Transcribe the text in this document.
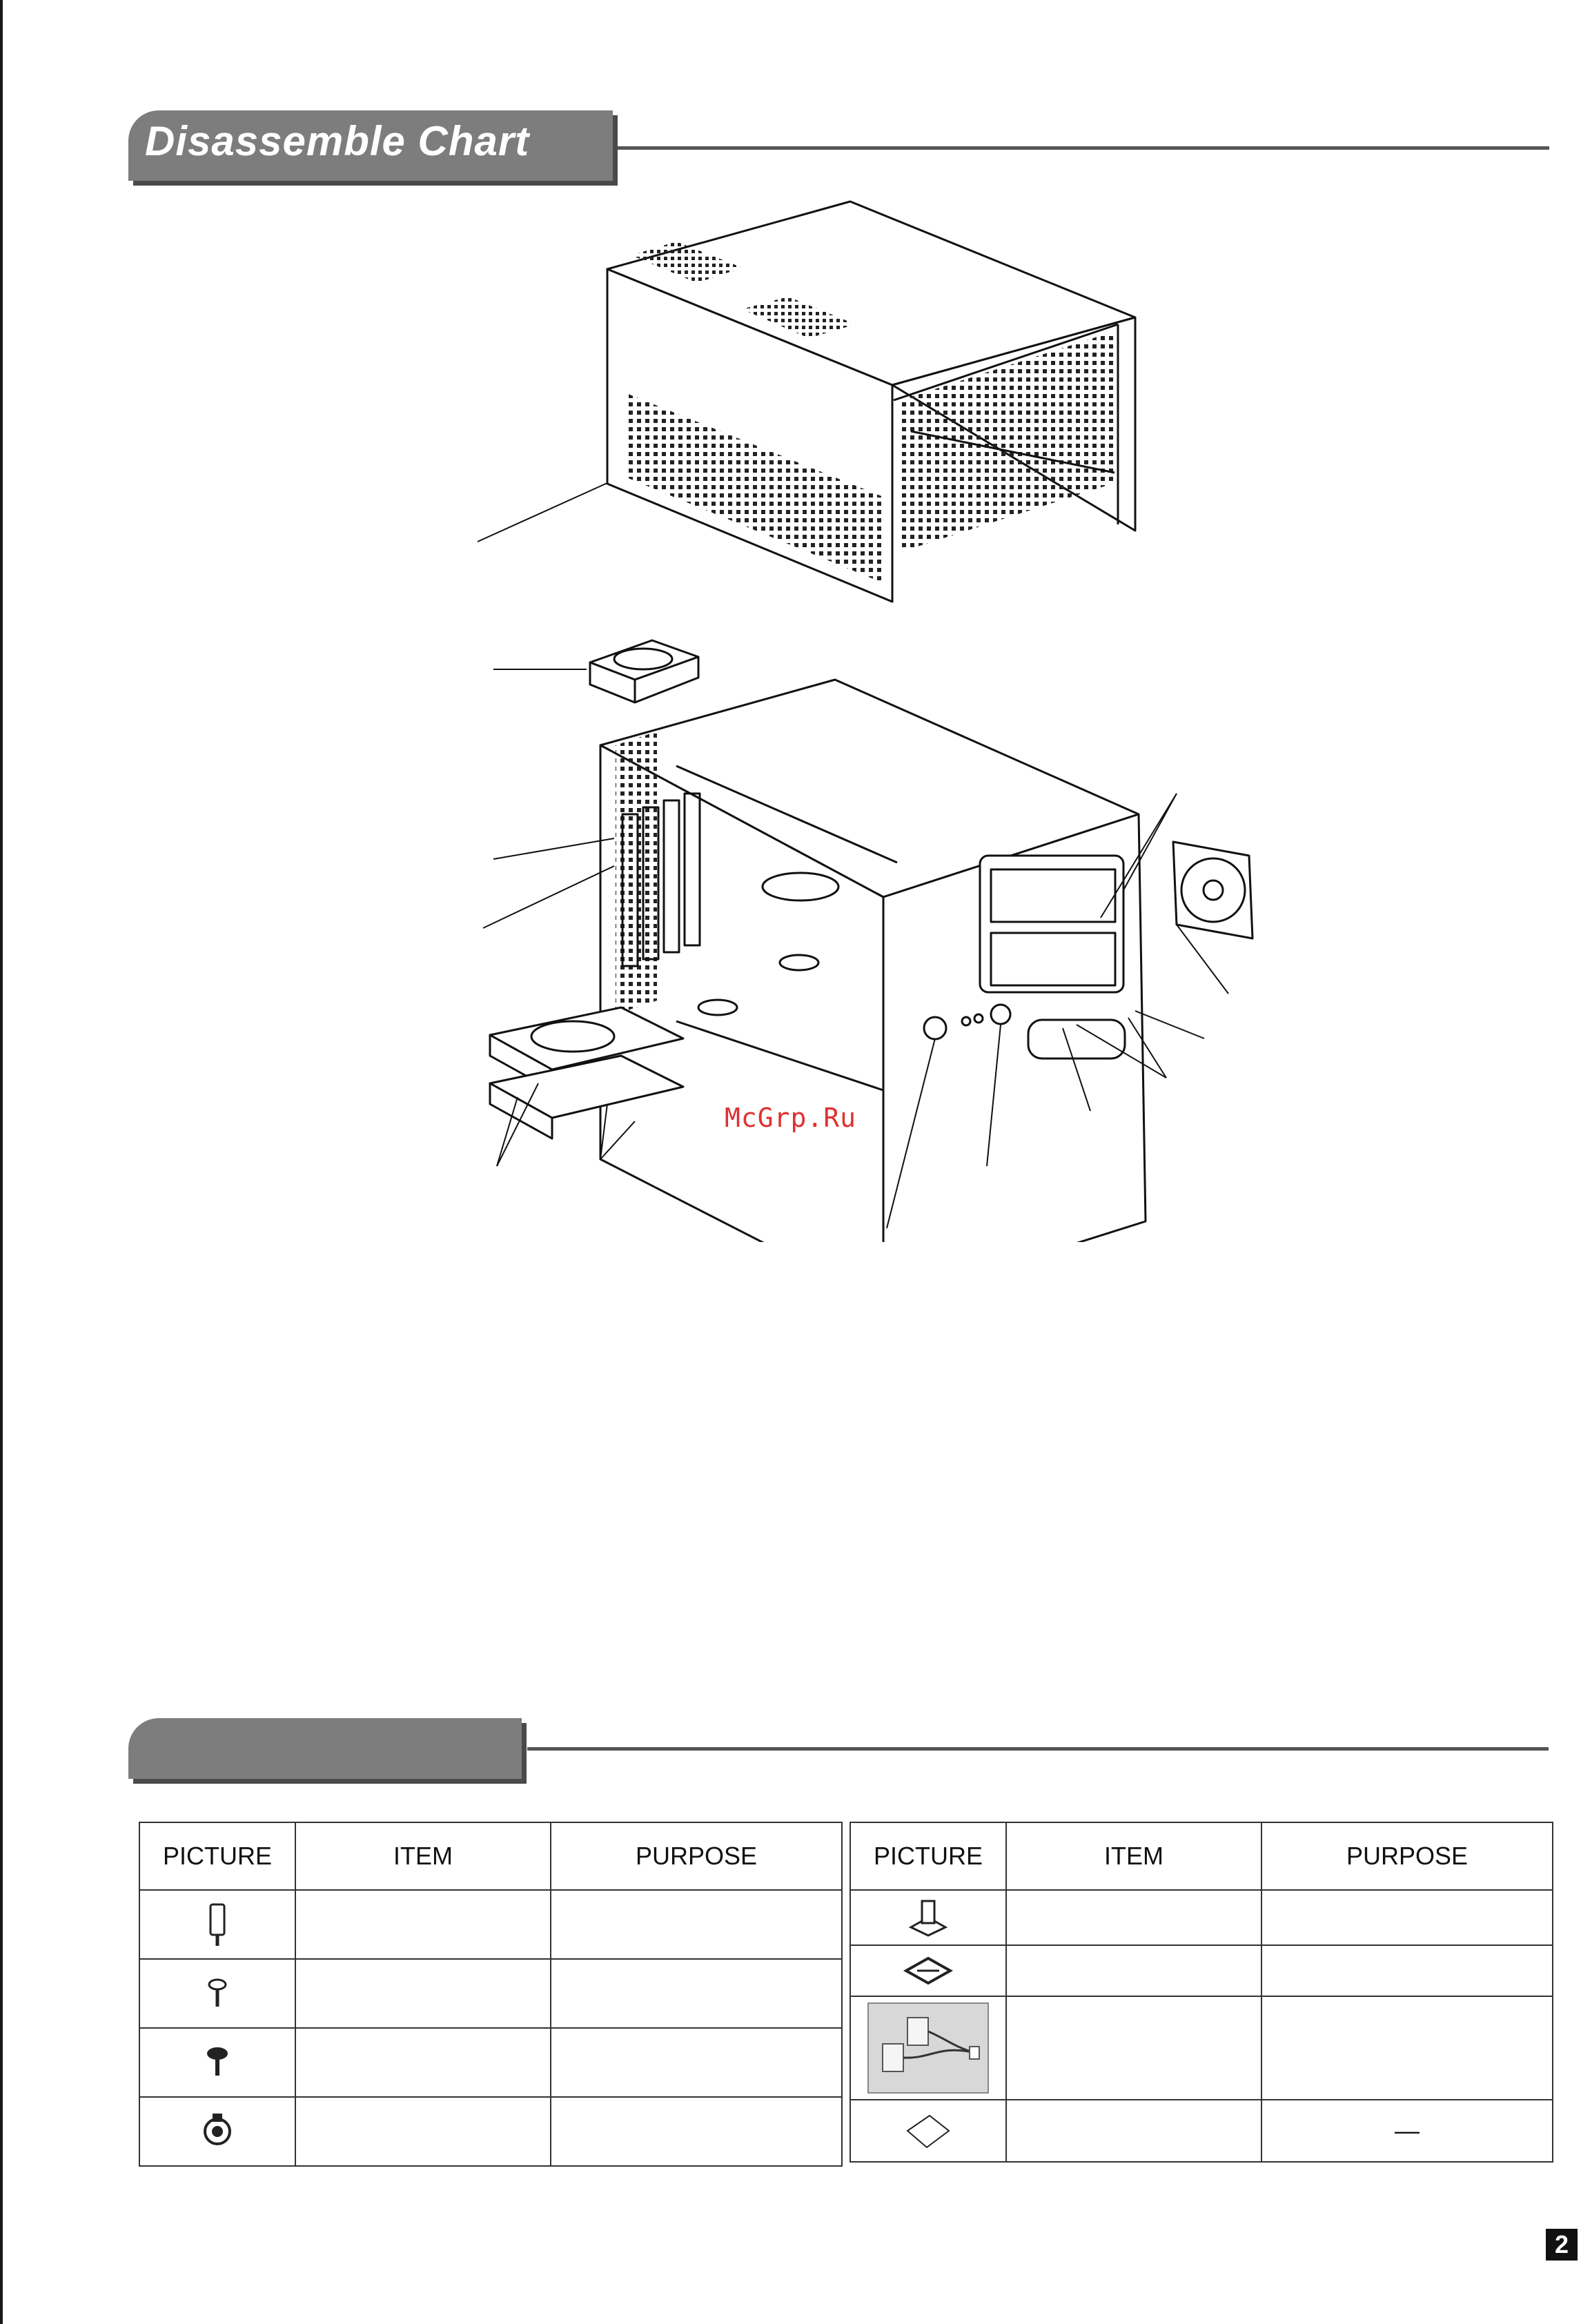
Disassemble Chart
McGrp.Ru
PICTURE	ITEM	PURPOSE

			PICTURE	ITEM	PURPOSE

		—
2
